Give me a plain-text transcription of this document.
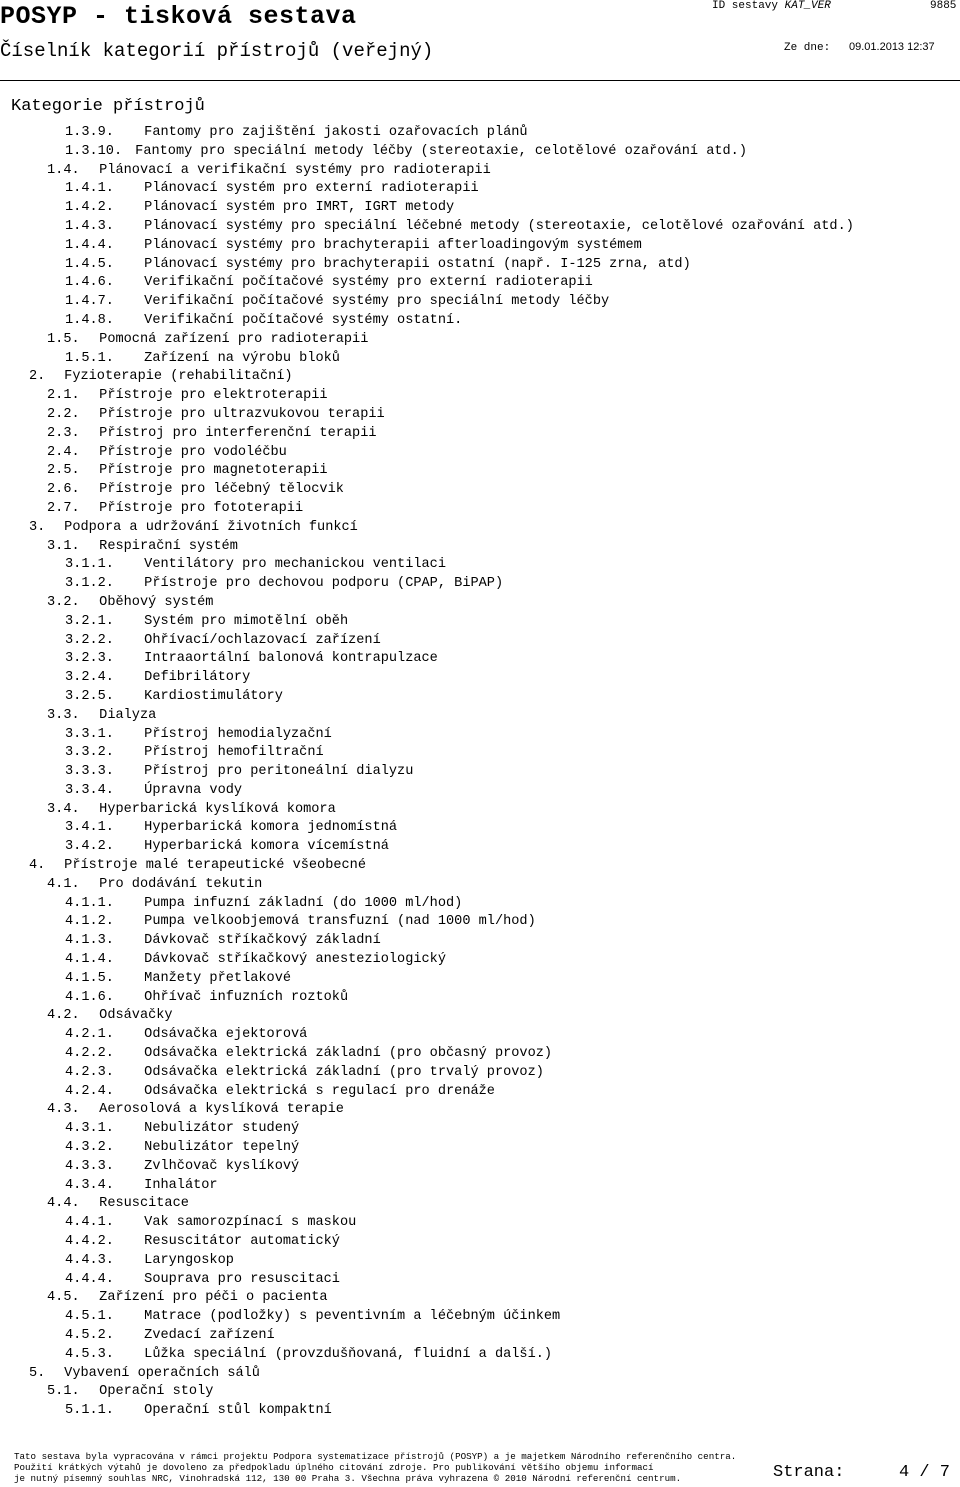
POSYP - tisková sestava
Číselník kategorií přístrojů (veřejný)
ID sestavy KAT_VER	9885
Ze dne: 09.01.2013 12:37
Kategorie přístrojů
1.3.9. Fantomy pro zajištění jakosti ozařovacích plánů
1.3.10. Fantomy pro speciální metody léčby (stereotaxie, celotělové ozařování atd.)
1.4. Plánovací a verifikační systémy pro radioterapii
1.4.1. Plánovací systém pro externí radioterapii
1.4.2. Plánovací systém pro IMRT, IGRT metody
1.4.3. Plánovací systémy pro speciální léčebné metody (stereotaxie, celotělové ozařování atd.)
1.4.4. Plánovací systémy pro brachyterapii afterloadingovým systémem
1.4.5. Plánovací systémy pro brachyterapii ostatní (např. I-125 zrna, atd)
1.4.6. Verifikační počítačové systémy pro externí radioterapii
1.4.7. Verifikační počítačové systémy pro speciální metody léčby
1.4.8. Verifikační počítačové systémy ostatní.
1.5. Pomocná zařízení pro radioterapii
1.5.1. Zařízení na výrobu bloků
2. Fyzioterapie (rehabilitační)
2.1. Přístroje pro elektroterapii
2.2. Přístroje pro ultrazvukovou terapii
2.3. Přístroj pro interferenční terapii
2.4. Přístroje pro vodoléčbu
2.5. Přístroje pro magnetoterapii
2.6. Přístroje pro léčebný tělocvik
2.7. Přístroje pro fototerapii
3. Podpora a udržování životních funkcí
3.1. Respirační systém
3.1.1. Ventilátory pro mechanickou ventilaci
3.1.2. Přístroje pro dechovou podporu (CPAP, BiPAP)
3.2. Oběhový systém
3.2.1. Systém pro mimotělní oběh
3.2.2. Ohřívací/ochlazovací zařízení
3.2.3. Intraaortální balonová kontrapulzace
3.2.4. Defibrilátory
3.2.5. Kardiostimulátory
3.3. Dialyza
3.3.1. Přístroj hemodialyzační
3.3.2. Přístroj hemofiltrační
3.3.3. Přístroj pro peritoneální dialyzu
3.3.4. Úpravna vody
3.4. Hyperbarická kyslíková komora
3.4.1. Hyperbarická komora jednomístná
3.4.2. Hyperbarická komora vícemístná
4. Přístroje malé terapeutické všeobecné
4.1. Pro dodávání tekutin
4.1.1. Pumpa infuzní základní (do 1000 ml/hod)
4.1.2. Pumpa velkoobjemová transfuzní (nad 1000 ml/hod)
4.1.3. Dávkovač stříkačkový základní
4.1.4. Dávkovač stříkačkový anesteziologický
4.1.5. Manžety přetlakové
4.1.6. Ohřívač infuzních roztoků
4.2. Odsávačky
4.2.1. Odsávačka ejektorová
4.2.2. Odsávačka elektrická základní (pro občasný provoz)
4.2.3. Odsávačka elektrická základní (pro trvalý provoz)
4.2.4. Odsávačka elektrická s regulací pro drenáže
4.3. Aerosolová a kyslíková terapie
4.3.1. Nebulizátor studený
4.3.2. Nebulizátor tepelný
4.3.3. Zvlhčovač kyslíkový
4.3.4. Inhalátor
4.4. Resuscitace
4.4.1. Vak samorozpínací s maskou
4.4.2. Resuscitátor automatický
4.4.3. Laryngoskop
4.4.4. Souprava pro resuscitaci
4.5. Zařízení pro péči o pacienta
4.5.1. Matrace (podložky) s peventivním a léčebným účinkem
4.5.2. Zvedací zařízení
4.5.3. Lůžka speciální (provzdušňovaná, fluidní a další.)
5. Vybavení operačních sálů
5.1. Operační stoly
5.1.1. Operační stůl kompaktní
Tato sestava byla vypracována v rámci projektu Podpora systematizace přístrojů (POSYP) a je majetkem Národního referenčního centra.
Použití krátkých výtahů je dovoleno za předpokladu úplného citování zdroje. Pro publikování většího objemu informací
je nutný písemný souhlas NRC, Vinohradská 112, 130 00 Praha 3. Všechna práva vyhrazena © 2010 Národní referenční centrum.	Strana:	4 / 7
